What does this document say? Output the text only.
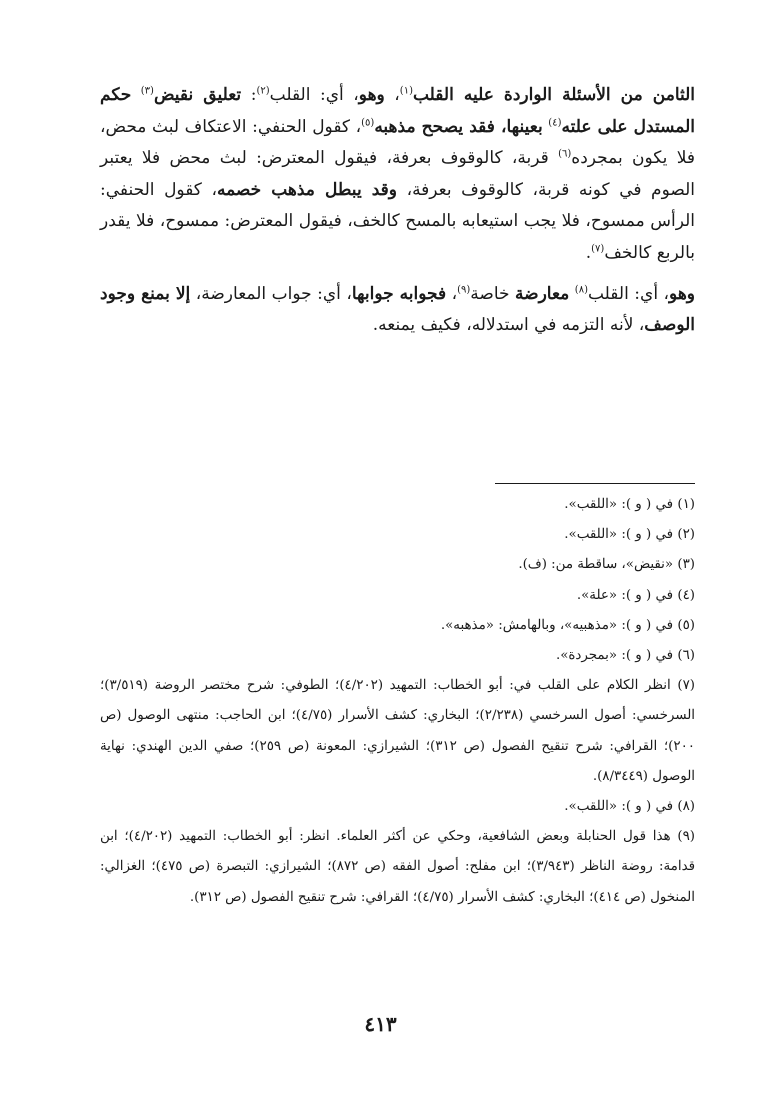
الثامن من الأسئلة الواردة عليه القلب$^{(١)}$، وهو، أي: القلب$^{(٢)}$: تعليق نقيض$^{(٣)}$ حكم المستدل على علته$^{(٤)}$ بعينها، فقد يصحح مذهبه$^{(٥)}$، كقول الحنفي: الاعتكاف لبث محض، فلا يكون بمجرده$^{(٦)}$ قربة، كالوقوف بعرفة، فيقول المعترض: لبث محض فلا يعتبر الصوم في كونه قربة، كالوقوف بعرفة، وقد يبطل مذهب خصمه، كقول الحنفي: الرأس ممسوح، فلا يجب استيعابه بالمسح كالخف، فيقول المعترض: ممسوح، فلا يقدر بالربع كالخف$^{(٧)}$.

وهو، أي: القلب$^{(٨)}$ معارضة خاصة$^{(٩)}$، فجوابه جوابها، أي: جواب المعارضة، إلا بمنع وجود الوصف، لأنه التزمه في استدلاله، فكيف يمنعه.

(١) في ( و ): «اللقب».

(٢) في ( و ): «اللقب».

(٣) «نقيض»، ساقطة من: (ف).

(٤) في ( و ): «علة».

(٥) في ( و ): «مذهبيه»، وبالهامش: «مذهبه».

(٦) في ( و ): «بمجردة».

(٧) انظر الكلام على القلب في: أبو الخطاب: التمهيد (٤/٢٠٢)؛ الطوفي: شرح مختصر الروضة (٣/٥١٩)؛ السرخسي: أصول السرخسي (٢/٢٣٨)؛ البخاري: كشف الأسرار (٤/٧٥)؛ ابن الحاجب: منتهى الوصول (ص ٢٠٠)؛ القرافي: شرح تنقيح الفصول (ص ٣١٢)؛ الشيرازي: المعونة (ص ٢٥٩)؛ صفي الدين الهندي: نهاية الوصول (٨/٣٤٤٩).

(٨) في ( و ): «اللقب».

(٩) هذا قول الحنابلة وبعض الشافعية، وحكي عن أكثر العلماء. انظر: أبو الخطاب: التمهيد (٤/٢٠٢)؛ ابن قدامة: روضة الناظر (٣/٩٤٣)؛ ابن مفلح: أصول الفقه (ص ٨٧٢)؛ الشيرازي: التبصرة (ص ٤٧٥)؛ الغزالي: المنخول (ص ٤١٤)؛ البخاري: كشف الأسرار (٤/٧٥)؛ القرافي: شرح تنقيح الفصول (ص ٣١٢).

٤١٣
